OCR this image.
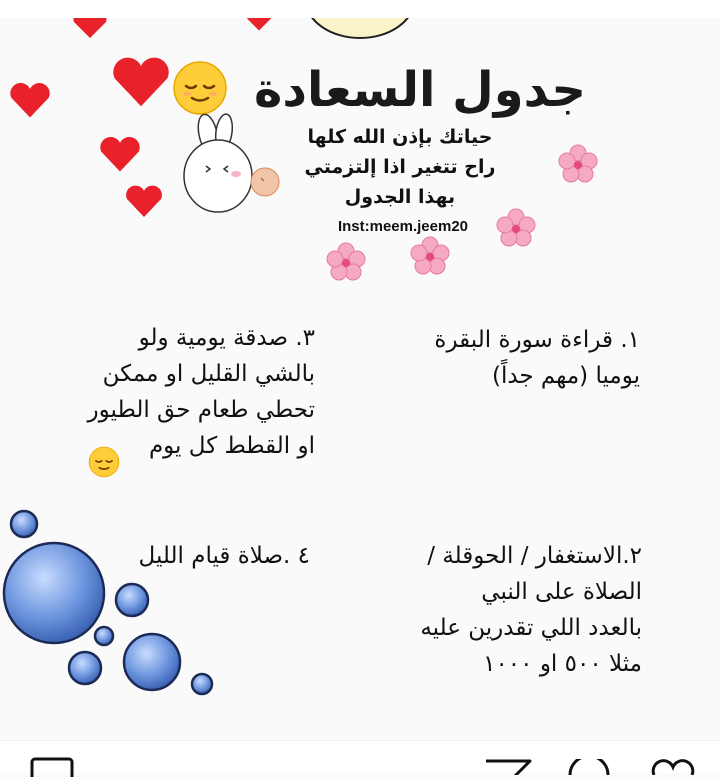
جدول السعادة
حياتك بإذن الله كلها
راح تتغير اذا إلتزمتي
بهذا الجدول
Inst:meem.jeem20
١. قراءة سورة البقرة
يوميا (مهم جداً)
٣. صدقة يومية ولو
بالشي القليل او ممكن
تحطي طعام حق الطيور
او القطط كل يوم
٢.الاستغفار / الحوقلة /
الصلاة على النبي
بالعدد اللي تقدرين عليه
مثلا ٥٠٠ او ١٠٠٠
٤ .صلاة قيام الليل
